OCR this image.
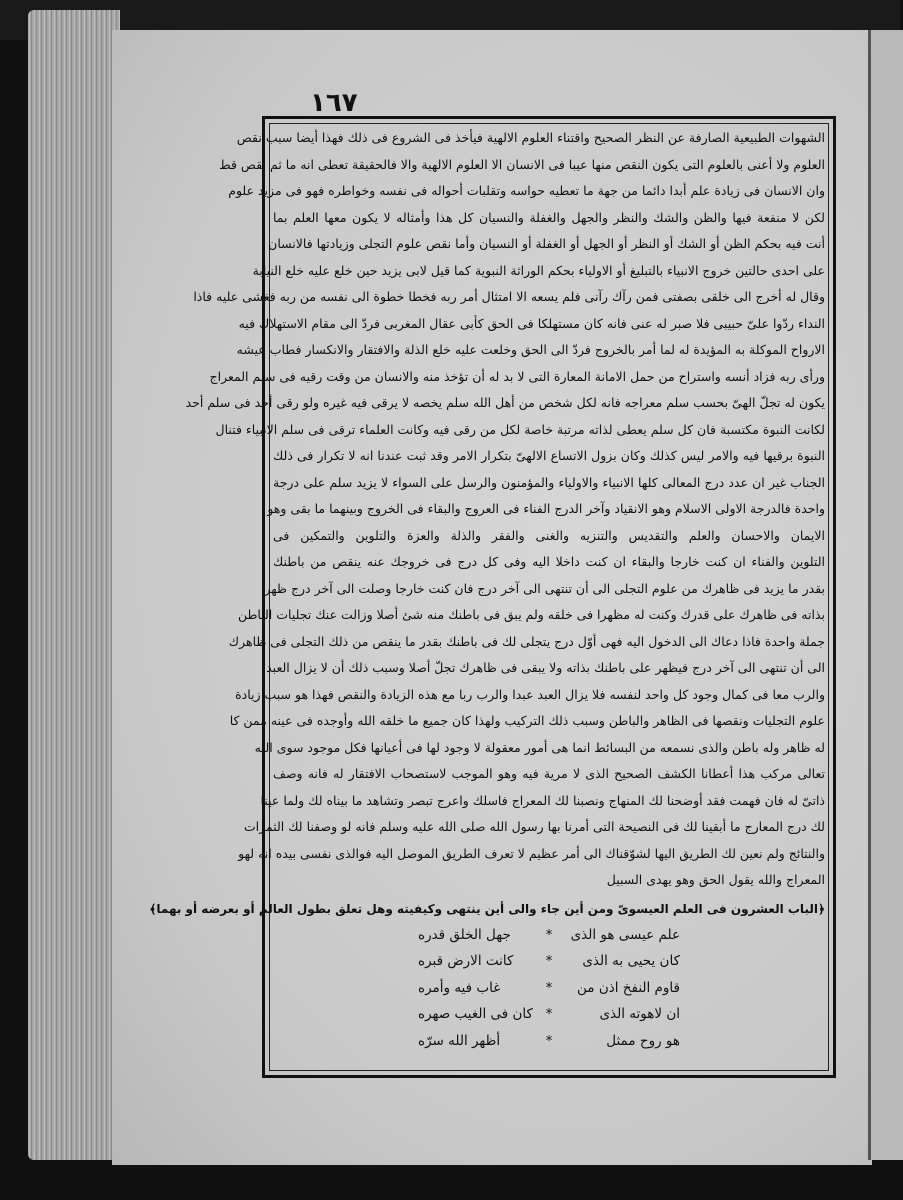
١٦٧
الشهوات الطبيعية الصارفة عن النظر الصحيح واقتناء العلوم الالهية فيأخذ فى الشروع فى ذلك فهذا أيضا سبب نقص
العلوم ولا أعنى بالعلوم التى يكون النقص منها عيبا فى الانسان الا العلوم الالهية والا فالحقيقة تعطى انه ما ثم نقص قط
وان الانسان فى زيادة علم أبدا دائما من جهة ما تعطيه حواسه وتقلبات أحواله فى نفسه وخواطره فهو فى مزيد علوم
لكن لا منفعة فيها والظن والشك والنظر والجهل والغفلة والنسيان كل هذا وأمثاله لا يكون معها العلم بما
أنت فيه بحكم الظن أو الشك أو النظر أو الجهل أو الغفلة أو النسيان وأما نقص علوم التجلى وزيادتها فالانسان
على احدى حالتين خروج الانبياء بالتبليغ أو الاولياء بحكم الوراثة النبوية كما قيل لابى يزيد حين خلع عليه خلع النيابة
وقال له أخرج الى خلقى بصفتى فمن رآك رآنى فلم يسعه الا امتثال أمر ربه فخطا خطوة الى نفسه من ربه فغشى عليه فاذا
النداء ردّوا علىّ حبيبى فلا صبر له عنى فانه كان مستهلكا فى الحق كأبى عقال المغربى فردّ الى مقام الاستهلاك فيه
الارواح الموكلة به المؤيدة له لما أمر بالخروج فردّ الى الحق وخلعت عليه خلع الذلة والافتقار والانكسار فطاب عيشه
ورأى ربه فزاد أنسه واستراح من حمل الامانة المعارة التى لا بد له أن تؤخذ منه والانسان من وقت رقيه فى سلم المعراج
يكون له تجلّ الهىّ بحسب سلم معراجه فانه لكل شخص من أهل الله سلم يخصه لا يرقى فيه غيره ولو رقى أحد فى سلم أحد
لكانت النبوة مكتسبة فان كل سلم يعطى لذاته مرتبة خاصة لكل من رقى فيه وكانت العلماء ترقى فى سلم الانبياء فتنال
النبوة برقيها فيه والامر ليس كذلك وكان بزول الاتساع الالهىّ بتكرار الامر وقد ثبت عندنا انه لا تكرار فى ذلك
الجناب غير ان عدد درج المعالى كلها الانبياء والاولياء والمؤمنون والرسل على السواء لا يزيد سلم على درجة
واحدة فالدرجة الاولى الاسلام وهو الانقياد وآخر الدرج الفناء فى العروج والبقاء فى الخروج وبينهما ما بقى وهو
الايمان والاحسان والعلم والتقديس والتنزيه والغنى والفقر والذلة والعزة والتلوين والتمكين فى
التلوين والفناء ان كنت خارجا والبقاء ان كنت داخلا اليه وفى كل درج فى خروجك عنه ينقص من باطنك
بقدر ما يزيد فى ظاهرك من علوم التجلى الى أن تنتهى الى آخر درج فان كنت خارجا وصلت الى آخر درج ظهر
بذاته فى ظاهرك على قدرك وكنت له مظهرا فى خلقه ولم يبق فى باطنك منه شئ أصلا وزالت عنك تجليات الباطن
جملة واحدة فاذا دعاك الى الدخول اليه فهى أوّل درج يتجلى لك فى باطنك بقدر ما ينقص من ذلك التجلى فى ظاهرك
الى أن تنتهى الى آخر درج فيظهر على باطنك بذاته ولا يبقى فى ظاهرك تجلّ أصلا وسبب ذلك أن لا يزال العبد
والرب معا فى كمال وجود كل واحد لنفسه فلا يزال العبد عبدا والرب ربا مع هذه الزيادة والنقص فهذا هو سبب زيادة
علوم التجليات ونقصها فى الظاهر والباطن وسبب ذلك التركيب ولهذا كان جميع ما خلقه الله وأوجده فى عينه ممن كا
له ظاهر وله باطن والذى نسمعه من البسائط انما هى أمور معقولة لا وجود لها فى أعيانها فكل موجود سوى الله
تعالى مركب هذا أعطانا الكشف الصحيح الذى لا مرية فيه وهو الموجب لاستصحاب الافتقار له فانه وصف
ذاتىّ له فان فهمت فقد أوضحنا لك المنهاج ونصبنا لك المعراج فاسلك واعرج تبصر وتشاهد ما بيناه لك ولما عينا
لك درج المعارج ما أبقينا لك فى النصيحة التى أمرنا بها رسول الله صلى الله عليه وسلم فانه لو وصفنا لك الثمرات
والنتائج ولم نعين لك الطريق اليها لشوّقناك الى أمر عظيم لا تعرف الطريق الموصل اليه فوالذى نفسى بيده انه لهو
المعراج والله يقول الحق وهو يهدى السبيل
﴿الباب العشرون فى العلم العيسوىّ ومن أين جاء والى أين ينتهى وكيفيته وهل تعلق بطول العالم أو بعرضه أو بهما﴾
علم عيسى هو الذى*جهل الخلق قدره
كان يحيى به الذى*كانت الارض قبره
قاوم النفخ اذن من*غاب فيه وأمره
ان لاهوته الذى*كان فى الغيب صهره
هو روح ممثل*أظهر الله سرّه
